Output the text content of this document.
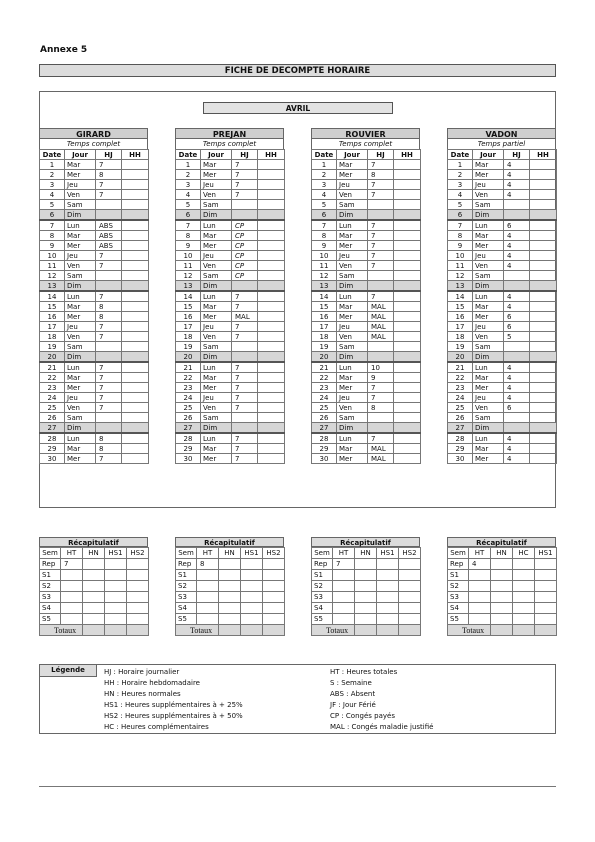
Annexe 5
FICHE DE DECOMPTE HORAIRE
AVRIL
GIRARD
Temps complet
Date	Jour	HJ	HH
1	Mar	7	
2	Mer	8	
3	Jeu	7	
4	Ven	7	
5	Sam		
6	Dim		
7	Lun	ABS	
8	Mar	ABS	
9	Mer	ABS	
10	Jeu	7	
11	Ven	7	
12	Sam		
13	Dim		
14	Lun	7	
15	Mar	8	
16	Mer	8	
17	Jeu	7	
18	Ven	7	
19	Sam		
20	Dim		
21	Lun	7	
22	Mar	7	
23	Mer	7	
24	Jeu	7	
25	Ven	7	
26	Sam		
27	Dim		
28	Lun	8	
29	Mar	8	
30	Mer	7	
PREJAN
Temps complet
Date	Jour	HJ	HH
1	Mar	7	
2	Mer	7	
3	Jeu	7	
4	Ven	7	
5	Sam		
6	Dim		
7	Lun	CP	
8	Mar	CP	
9	Mer	CP	
10	Jeu	CP	
11	Ven	CP	
12	Sam	CP	
13	Dim		
14	Lun	7	
15	Mar	7	
16	Mer	MAL	
17	Jeu	7	
18	Ven	7	
19	Sam		
20	Dim		
21	Lun	7	
22	Mar	7	
23	Mer	7	
24	Jeu	7	
25	Ven	7	
26	Sam		
27	Dim		
28	Lun	7	
29	Mar	7	
30	Mer	7	
ROUVIER
Temps complet
Date	Jour	HJ	HH
1	Mar	7	
2	Mer	8	
3	Jeu	7	
4	Ven	7	
5	Sam		
6	Dim		
7	Lun	7	
8	Mar	7	
9	Mer	7	
10	Jeu	7	
11	Ven	7	
12	Sam		
13	Dim		
14	Lun	7	
15	Mar	MAL	
16	Mer	MAL	
17	Jeu	MAL	
18	Ven	MAL	
19	Sam		
20	Dim		
21	Lun	10	
22	Mar	9	
23	Mer	7	
24	Jeu	7	
25	Ven	8	
26	Sam		
27	Dim		
28	Lun	7	
29	Mar	MAL	
30	Mer	MAL	
VADON
Temps partiel
Date	Jour	HJ	HH
1	Mar	4	
2	Mer	4	
3	Jeu	4	
4	Ven	4	
5	Sam		
6	Dim		
7	Lun	6	
8	Mar	4	
9	Mer	4	
10	Jeu	4	
11	Ven	4	
12	Sam		
13	Dim		
14	Lun	4	
15	Mar	4	
16	Mer	6	
17	Jeu	6	
18	Ven	5	
19	Sam		
20	Dim		
21	Lun	4	
22	Mar	4	
23	Mer	4	
24	Jeu	4	
25	Ven	6	
26	Sam		
27	Dim		
28	Lun	4	
29	Mar	4	
30	Mer	4	
Récapitulatif
Sem	HT	HN	HS1	HS2
Rep	7			
S1				
S2				
S3				
S4				
S5				
Totaux				
Récapitulatif
Sem	HT	HN	HS1	HS2
Rep	8			
S1				
S2				
S3				
S4				
S5				
Totaux				
Récapitulatif
Sem	HT	HN	HS1	HS2
Rep	7			
S1				
S2				
S3				
S4				
S5				
Totaux				
Récapitulatif
Sem	HT	HN	HC	HS1
Rep	4			
S1				
S2				
S3				
S4				
S5				
Totaux				
Légende	HJ : Horaire journalier
HH : Horaire hebdomadaire
HN : Heures normales
HS1 : Heures supplémentaires à + 25%
HS2 : Heures supplémentaires à + 50%
HC : Heures complémentaires
HT : Heures totales
S : Semaine
ABS : Absent
JF : Jour Férié
CP : Congés payés
MAL : Congés maladie justifié
